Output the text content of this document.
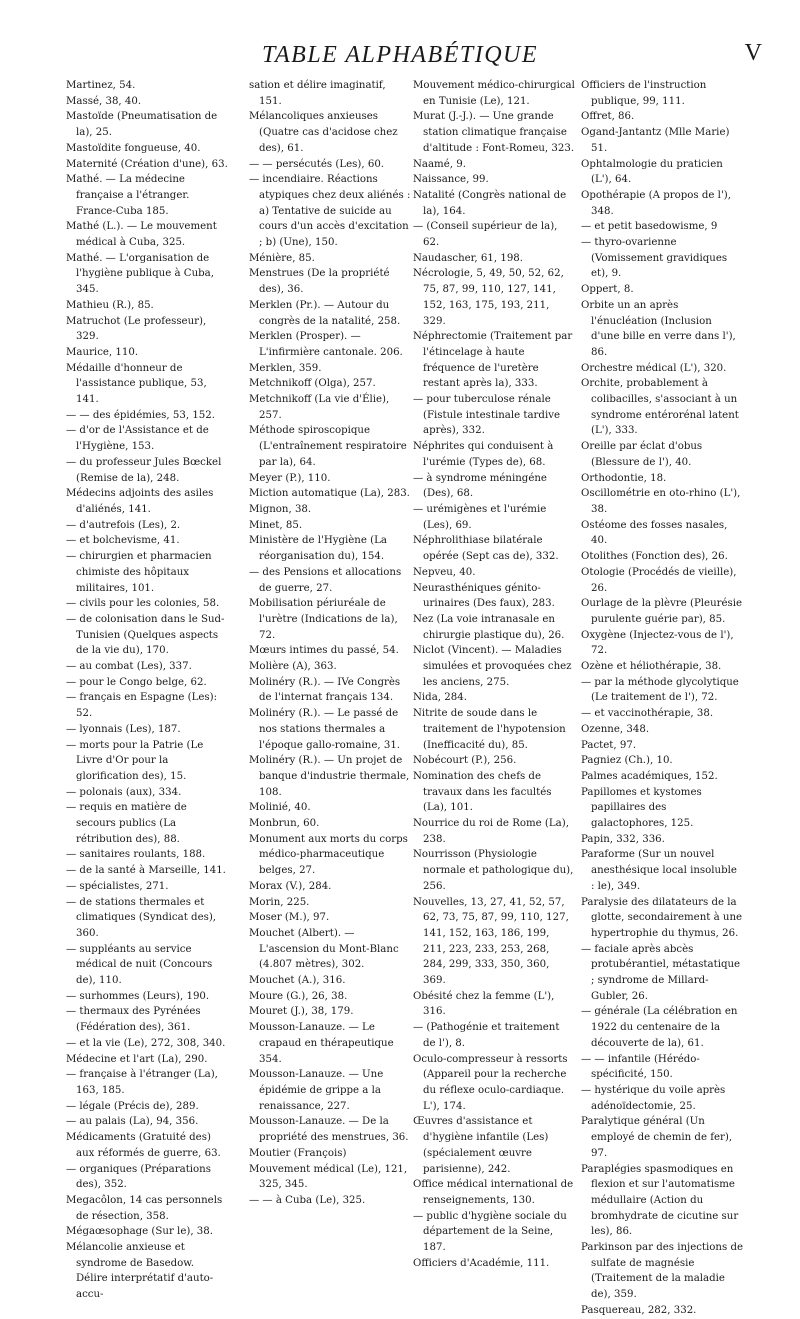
TABLE ALPHABÉTIQUE	V
Martinez, 54.
Massé, 38, 40.
Mastoïde (Pneumatisation de la), 25.
Mastoïdite fongueuse, 40.
Maternité (Création d'une), 63.
Mathé. — La médecine française a l'étranger. France-Cuba 185.
Mathé (L.). — Le mouvement médical à Cuba, 325.
Mathé. — L'organisation de l'hygiène publique à Cuba, 345.
Mathieu (R.), 85.
Matruchot (Le professeur), 329.
Maurice, 110.
Médaille d'honneur de l'assistance publique, 53, 141.
— — des épidémies, 53, 152.
— d'or de l'Assistance et de l'Hygiène, 153.
— du professeur Jules Bœckel (Remise de la), 248.
Médecins adjoints des asiles d'aliénés, 141.
— d'autrefois (Les), 2.
— et bolchevisme, 41.
— chirurgien et pharmacien chimiste des hôpitaux militaires, 101.
— civils pour les colonies, 58.
— de colonisation dans le Sud-Tunisien (Quelques aspects de la vie du), 170.
— au combat (Les), 337.
— pour le Congo belge, 62.
— français en Espagne (Les): 52.
— lyonnais (Les), 187.
— morts pour la Patrie (Le Livre d'Or pour la glorification des), 15.
— polonais (aux), 334.
— requis en matière de secours publics (La rétribution des), 88.
— sanitaires roulants, 188.
— de la santé à Marseille, 141.
— spécialistes, 271.
— de stations thermales et climatiques (Syndicat des), 360.
— suppléants au service médical de nuit (Concours de), 110.
— surhommes (Leurs), 190.
— thermaux des Pyrénées (Fédération des), 361.
— et la vie (Le), 272, 308, 340.
Médecine et l'art (La), 290.
— française à l'étranger (La), 163, 185.
— légale (Précis de), 289.
— au palais (La), 94, 356.
Médicaments (Gratuité des) aux réformés de guerre, 63.
— organiques (Préparations des), 352.
Megacôlon, 14 cas personnels de résection, 358.
Mégaœsophage (Sur le), 38.
Mélancolie anxieuse et syndrome de Basedow. Délire interprétatif d'auto-accu-
sation et délire imaginatif, 151.
Mélancoliques anxieuses (Quatre cas d'acidose chez des), 61.
— — persécutés (Les), 60.
— incendiaire. Réactions atypiques chez deux aliénés : a) Tentative de suicide au cours d'un accès d'excitation ; b) (Une), 150.
Ménière, 85.
Menstrues (De la propriété des), 36.
Merklen (Pr.). — Autour du congrès de la natalité, 258.
Merklen (Prosper). — L'infirmière cantonale. 206.
Merklen, 359.
Metchnikoff (Olga), 257.
Metchnikoff (La vie d'Élie), 257.
Méthode spiroscopique (L'entraînement respiratoire par la), 64.
Meyer (P.), 110.
Miction automatique (La), 283.
Mignon, 38.
Minet, 85.
Ministère de l'Hygiène (La réorganisation du), 154.
— des Pensions et allocations de guerre, 27.
Mobilisation périuréale de l'urètre (Indications de la), 72.
Mœurs intimes du passé, 54.
Molière (A), 363.
Molinéry (R.). — IVe Congrès de l'internat français 134.
Molinéry (R.). — Le passé de nos stations thermales a l'époque gallo-romaine, 31.
Molinéry (R.). — Un projet de banque d'industrie thermale, 108.
Molinié, 40.
Monbrun, 60.
Monument aux morts du corps médico-pharmaceutique belges, 27.
Morax (V.), 284.
Morin, 225.
Moser (M.), 97.
Mouchet (Albert). — L'ascension du Mont-Blanc (4.807 mètres), 302.
Mouchet (A.), 316.
Moure (G.), 26, 38.
Mouret (J.), 38, 179.
Mousson-Lanauze. — Le crapaud en thérapeutique 354.
Mousson-Lanauze. — Une épidémie de grippe a la renaissance, 227.
Mousson-Lanauze. — De la propriété des menstrues, 36.
Moutier (François)
Mouvement médical (Le), 121, 325, 345.
— — à Cuba (Le), 325.
Mouvement médico-chirurgical en Tunisie (Le), 121.
Murat (J.-J.). — Une grande station climatique française d'altitude : Font-Romeu, 323.
Naamé, 9.
Naissance, 99.
Natalité (Congrès national de la), 164.
— (Conseil supérieur de la), 62.
Naudascher, 61, 198.
Nécrologie, 5, 49, 50, 52, 62, 75, 87, 99, 110, 127, 141, 152, 163, 175, 193, 211, 329.
Néphrectomie (Traitement par l'étincelage à haute fréquence de l'uretère restant après la), 333.
— pour tuberculose rénale (Fistule intestinale tardive après), 332.
Néphrites qui conduisent à l'urémie (Types de), 68.
— à syndrome méningéne (Des), 68.
— urémigènes et l'urémie (Les), 69.
Néphrolithiase bilatérale opérée (Sept cas de), 332.
Nepveu, 40.
Neurasthéniques génito-urinaires (Des faux), 283.
Nez (La voie intranasale en chirurgie plastique du), 26.
Niclot (Vincent). — Maladies simulées et provoquées chez les anciens, 275.
Nida, 284.
Nitrite de soude dans le traitement de l'hypotension (Inefficacité du), 85.
Nobécourt (P.), 256.
Nomination des chefs de travaux dans les facultés (La), 101.
Nourrice du roi de Rome (La), 238.
Nourrisson (Physiologie normale et pathologique du), 256.
Nouvelles, 13, 27, 41, 52, 57, 62, 73, 75, 87, 99, 110, 127, 141, 152, 163, 186, 199, 211, 223, 233, 253, 268, 284, 299, 333, 350, 360, 369.
Obésité chez la femme (L'), 316.
— (Pathogénie et traitement de l'), 8.
Oculo-compresseur à ressorts (Appareil pour la recherche du réflexe oculo-cardiaque. L'), 174.
Œuvres d'assistance et d'hygiène infantile (Les) (spécialement œuvre parisienne), 242.
Office médical international de renseignements, 130.
— public d'hygiène sociale du département de la Seine, 187.
Officiers d'Académie, 111.
Officiers de l'instruction publique, 99, 111.
Offret, 86.
Ogand-Jantantz (Mlle Marie) 51.
Ophtalmologie du praticien (L'), 64.
Opothérapie (A propos de l'), 348.
— et petit basedowisme, 9
— thyro-ovarienne (Vomissement gravidiques et), 9.
Oppert, 8.
Orbite un an après l'énucléation (Inclusion d'une bille en verre dans l'), 86.
Orchestre médical (L'), 320.
Orchite, probablement à colibacilles, s'associant à un syndrome entérorénal latent (L'), 333.
Oreille par éclat d'obus (Blessure de l'), 40.
Orthodontie, 18.
Oscillométrie en oto-rhino (L'), 38.
Ostéome des fosses nasales, 40.
Otolithes (Fonction des), 26.
Otologie (Procédés de vieille), 26.
Ourlage de la plèvre (Pleurésie purulente guérie par), 85.
Oxygène (Injectez-vous de l'), 72.
Ozène et héliothérapie, 38.
— par la méthode glycolytique (Le traitement de l'), 72.
— et vaccinothérapie, 38.
Ozenne, 348.
Pactet, 97.
Pagniez (Ch.), 10.
Palmes académiques, 152.
Papillomes et kystomes papillaires des galactophores, 125.
Papin, 332, 336.
Paraforme (Sur un nouvel anesthésique local insoluble : le), 349.
Paralysie des dilatateurs de la glotte, secondairement à une hypertrophie du thymus, 26.
— faciale après abcès protubérantiel, métastatique ; syndrome de Millard-Gubler, 26.
— générale (La célébration en 1922 du centenaire de la découverte de la), 61.
— — infantile (Hérédo-spécificité, 150.
— hystérique du voile après adénoïdectomie, 25.
Paralytique général (Un employé de chemin de fer), 97.
Paraplégies spasmodiques en flexion et sur l'automatisme médullaire (Action du bromhydrate de cicutine sur les), 86.
Parkinson par des injections de sulfate de magnésie (Traitement de la maladie de), 359.
Pasquereau, 282, 332.
